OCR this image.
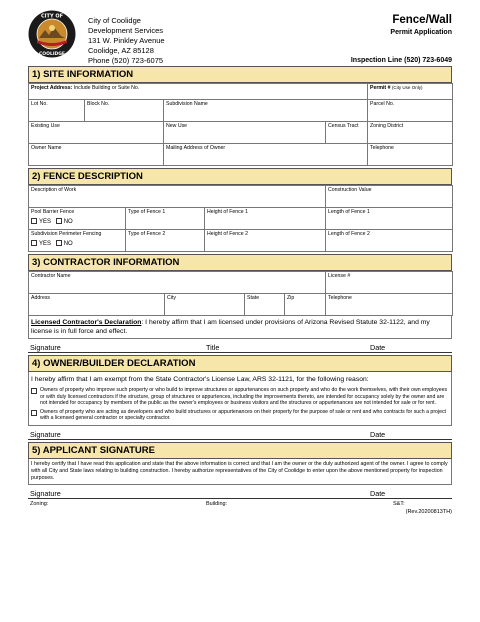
CITY OF
COOLIDGE
City of Coolidge
Development Services
131 W. Pinkley Avenue
Coolidge, AZ 85128
Phone (520) 723-6075
Fence/Wall
Permit Application
Inspection Line (520) 723-6049
1) SITE INFORMATION
Project Address: Include Building or Suite No.				Permit # (City Use Only)
Lot No.	Block No.	Subdivision Name		Parcel No.
Existing Use		New Use	Census Tract	Zoning District
Owner Name		Mailing Address of Owner		Telephone
2) FENCE DESCRIPTION
Description of Work			Construction Value

Pool Barrier Fence
YES NO	Type of Fence 1	Height of Fence 1	Length of Fence 1

Subdivision Perimeter Fencing
YES NO	Type of Fence 2	Height of Fence 2	Length of Fence 2
3) CONTRACTOR INFORMATION
Contractor Name				License #
Address	City	State	Zip	Telephone
Licensed Contractor's Declaration: I hereby affirm that I am licensed under provisions of Arizona Revised Statute 32-1122, and my license is in full force and effect.
Signature	Title	Date
4) OWNER/BUILDER DECLARATION
I hereby affirm that I am exempt from the State Contractor's License Law, ARS 32-1121, for the following reason:
Owners of property who improve such property or who build to improve structures or appurtenances on such property and who do the work themselves, with their own employees or with duly licensed contractors if the structure, group of structures or appurtences, including the improvements thereto, are intended for occupancy solely by the owner and are not intended for occupancy by members of the public as the owner's employees or business visitors and the structures or appurtenances are not intended for sale or for rent.
Owners of property who are acting as developers and who build structures or appurtenances on their property for the purpose of sale or rent and who contracts for such a project with a licensed general contractor or specialty contractor.
Signature	Date
5) APPLICANT SIGNATURE
I hereby certify that I have read this application and state that the above information is correct and that I am the owner or the duly authorized agent of the owner. I agree to comply with all City and State laws relating to building construction. I hereby authorize representatives of the City of Coolidge to enter upon the above mentioned property for inspection purposes.
Signature	Date
Zoning:	Building:	S&T:
(Rev.20200813TH)
